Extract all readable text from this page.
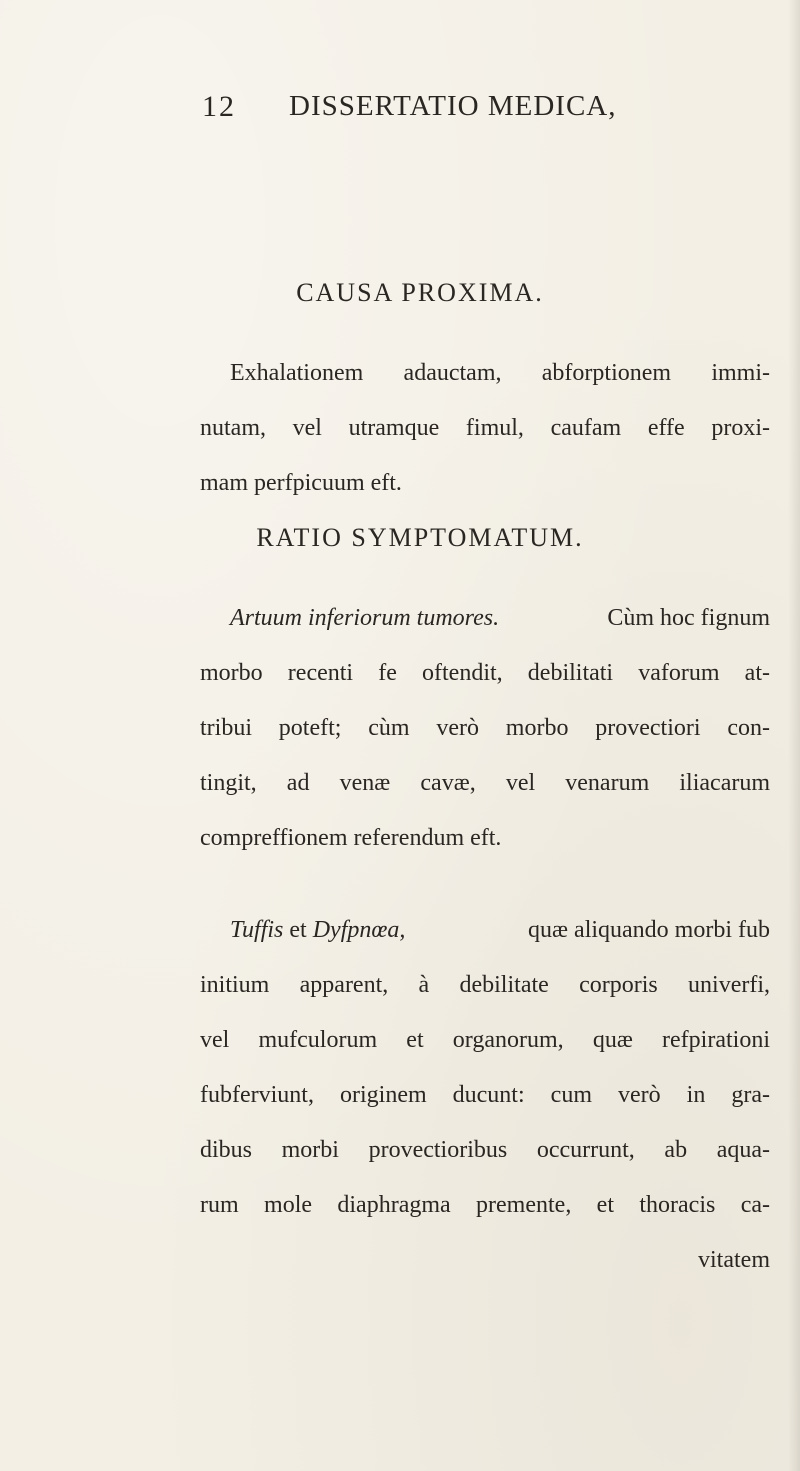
12 DISSERTATIO MEDICA,
CAUSA PROXIMA.
Exhalationem adauctam, abforptionem immi-
nutam, vel utramque fimul, caufam effe proxi-
mam perfpicuum eft.
RATIO SYMPTOMATUM.
Artuum inferiorum tumores.	Cùm hoc fignum
morbo recenti fe oftendit, debilitati vaforum at-
tribui poteft; cùm verò morbo provectiori con-
tingit, ad venæ cavæ, vel venarum iliacarum
compreffionem referendum eft.
Tuffis et Dyfpnœa,	quæ aliquando morbi fub
initium apparent, à debilitate corporis univerfi,
vel mufculorum et organorum, quæ refpirationi
fubferviunt, originem ducunt: cum verò in gra-
dibus morbi provectioribus occurrunt, ab aqua-
rum mole diaphragma premente, et thoracis ca-
vitatem
